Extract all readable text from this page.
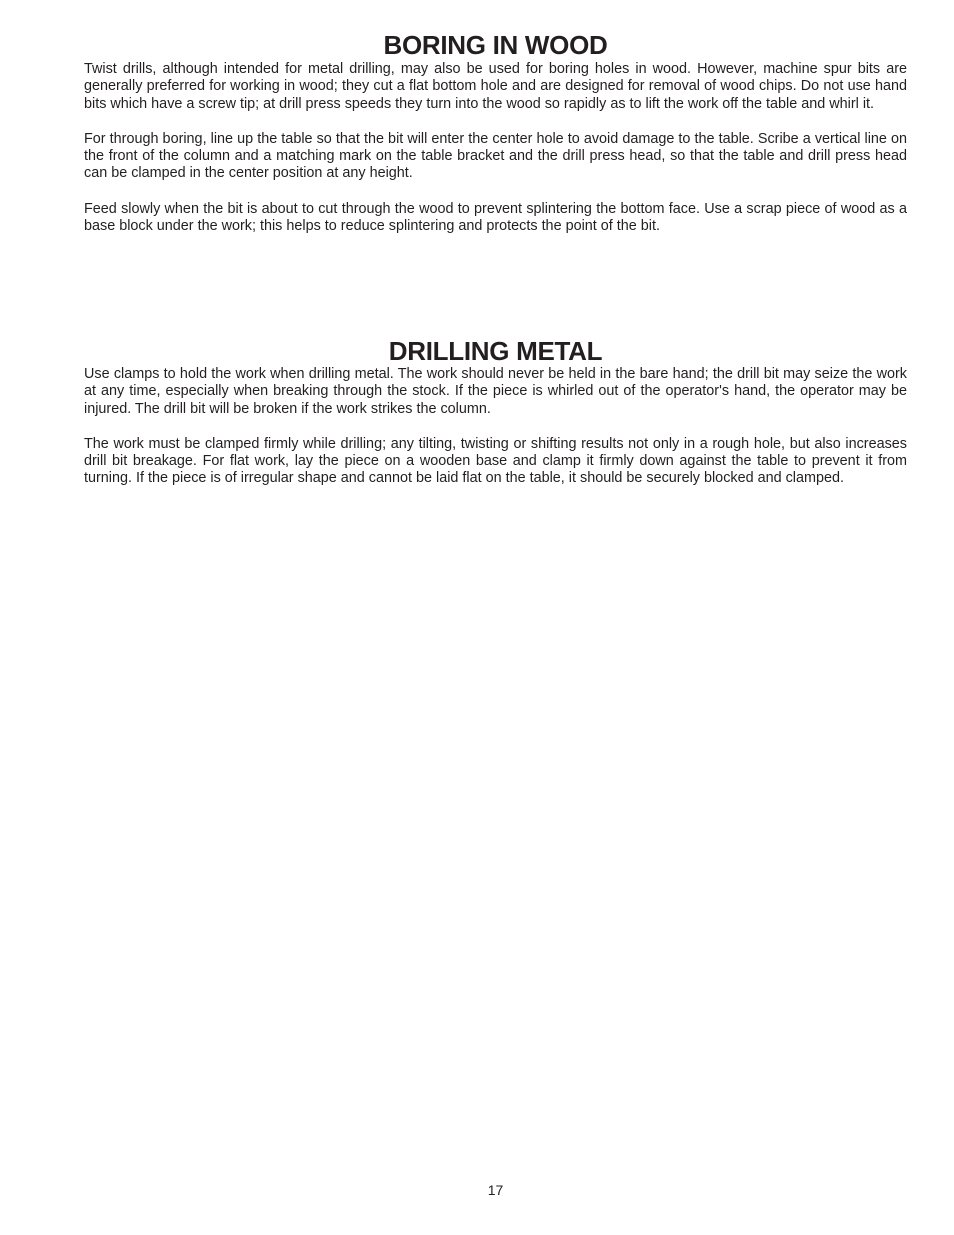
BORING IN WOOD

Twist drills, although intended for metal drilling, may also be used for boring holes in wood. However, machine spur bits are generally preferred for working in wood; they cut a flat bottom hole and are designed for removal of wood chips. Do not use hand bits which have a screw tip; at drill press speeds they turn into the wood so rapidly as to lift the work off the table and whirl it.

For through boring, line up the table so that the bit will enter the center hole to avoid damage to the table. Scribe a vertical line on the front of the column and a matching mark on the table bracket and the drill press head, so that the table and drill press head can be clamped in the center position at any height.

Feed slowly when the bit is about to cut through the wood to prevent splintering the bottom face. Use a scrap piece of wood as a base block under the work; this helps to reduce splintering and protects the point of the bit.

DRILLING METAL

Use clamps to hold the work when drilling metal. The work should never be held in the bare hand; the drill bit may seize the work at any time, especially when breaking through the stock. If the piece is whirled out of the operator's hand, the operator may be injured. The drill bit will be broken if the work strikes the column.

The work must be clamped firmly while drilling; any tilting, twisting or shifting results not only in a rough hole, but also increases drill bit breakage. For flat work, lay the piece on a wooden base and clamp it firmly down against the table to prevent it from turning. If the piece is of irregular shape and cannot be laid flat on the table, it should be securely blocked and clamped.

17
